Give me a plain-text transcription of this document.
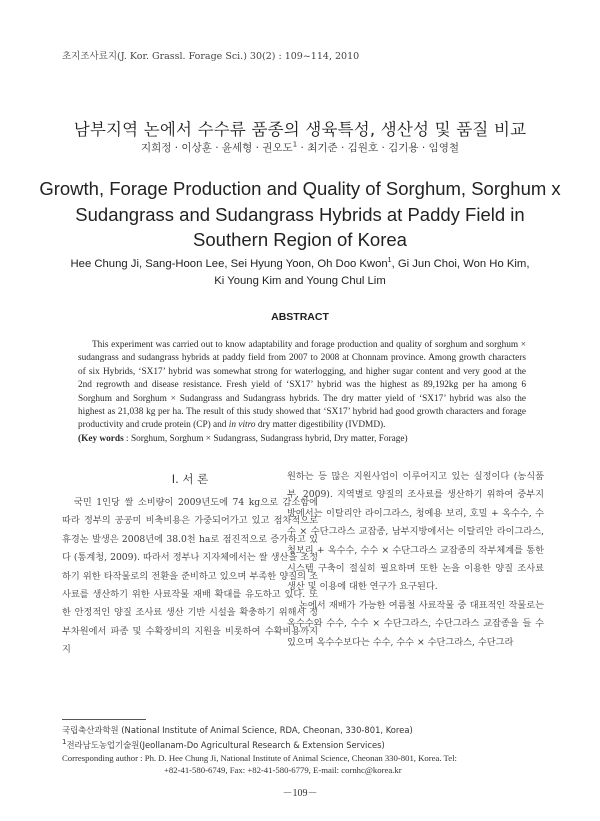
초지조사료지(J. Kor. Grassl. Forage Sci.) 30(2) : 109~114, 2010
남부지역 논에서 수수류 품종의 생육특성, 생산성 및 품질 비교
지희정 · 이상훈 · 윤세형 · 권오도$^1$ · 최기준 · 김원호 · 김기용 · 임영철
Growth, Forage Production and Quality of Sorghum, Sorghum x
Sudangrass and Sudangrass Hybrids at Paddy Field in
Southern Region of Korea
Hee Chung Ji, Sang-Hoon Lee, Sei Hyung Yoon, Oh Doo Kwon$^1$, Gi Jun Choi, Won Ho Kim,
Ki Young Kim and Young Chul Lim
ABSTRACT

This experiment was carried out to know adaptability and forage production and quality of sorghum and sorghum × sudangrass and sudangrass hybrids at paddy field from 2007 to 2008 at Chonnam province. Among growth characters of six Hybrids, ‘SX17’ hybrid was somewhat strong for waterlogging, and higher sugar content and very good at the 2nd regrowth and disease resistance. Fresh yield of ‘SX17’ hybrid was the highest as 89,192kg per ha among 6 Sorghum and Sorghum × Sudangrass and Sudangrass hybrids. The dry matter yield of ‘SX17’ hybrid was also the highest as 21,038 kg per ha. The result of this study showed that ‘SX17’ hybrid had good growth characters and forage productivity and crude protein (CP) and in vitro dry matter digestibility (IVDMD).

(Key words : Sorghum, Sorghum × Sudangrass, Sudangrass hybrid, Dry matter, Forage)

Ⅰ. 서 론

국민 1인당 쌀 소비량이 2009년도에 74 kg으로 감소함에 따라 정부의 공공미 비축비용은 가중되어가고 있고 점차적으로 휴경논 발생은 2008년에 38.0천 ha로 점진적으로 증가하고 있다 (통계청, 2009). 따라서 정부나 지자체에서는 쌀 생산을 조정하기 위한 타작물로의 전환을 준비하고 있으며 부족한 양질의 조사료를 생산하기 위한 사료작물 재배 확대를 유도하고 있다. 또한 안정적인 양질 조사료 생산 기반 시설을 확충하기 위해서 정부차원에서 파종 및 수확장비의 지원을 비롯하여 수확비용까지 지

원하는 등 많은 지원사업이 이루어지고 있는 실정이다 (농식품부, 2009). 지역별로 양질의 조사료를 생산하기 위하여 중부지방에서는 이탈리안 라이그라스, 청예용 보리, 호밀 + 옥수수, 수수 × 수단그라스 교잡종, 남부지방에서는 이탈리안 라이그라스, 청보리 + 옥수수, 수수 × 수단그라스 교잡종의 작부체계를 통한 시스템 구축이 절실히 필요하며 또한 논을 이용한 양질 조사료 생산 및 이용에 대한 연구가 요구된다.

논에서 재배가 가능한 여름철 사료작물 중 대표적인 작물로는 옥수수와 수수, 수수 × 수단그라스, 수단그라스 교잡종을 들 수 있으며 옥수수보다는 수수, 수수 × 수단그라스, 수단그라

국립축산과학원 (National Institute of Animal Science, RDA, Cheonan, 330-801, Korea)
$^1$전라남도농업기술원(Jeollanam-Do Agricultural Research & Extension Services)
Corresponding author : Ph. D. Hee Chung Ji, National Institute of Animal Science, Cheonan 330-801, Korea. Tel:
+82-41-580-6749, Fax: +82-41-580-6779, E-mail: cornhc@korea.kr
－109－
